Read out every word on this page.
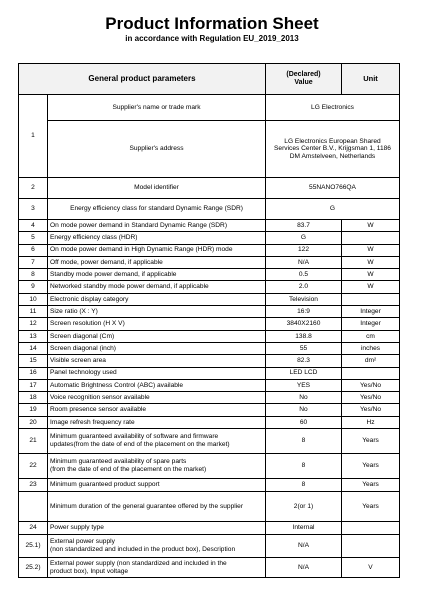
Product Information Sheet
in accordance with Regulation EU_2019_2013
General product parameters		(Declared)
Value	Unit
1	Supplier's name or trade mark	LG Electronics	
	Supplier's address	LG Electronics European Shared
Services Center B.V., Krijgsman 1, 1186
DM Amstelveen, Netherlands	

2	Model identifier	55NANO766QA	
3	Energy efficiency class for standard Dynamic Range (SDR)	G	
4	On mode power demand in Standard Dynamic Range (SDR)	83.7	W
5	Energy efficiency class (HDR)	G	
6	On mode power demand in High Dynamic Range (HDR) mode	122	W
7	Off mode, power demand, if applicable	N/A	W
8	Standby mode power demand, if applicable	0.5	W
9	Networked standby mode power demand, if applicable	2.0	W
10	Electronic display category	Television	
11	Size ratio (X : Y)	16:9	Integer
12	Screen resolution (H X V)	3840X2160	Integer
13	Screen diagonal (Cm)	138.8	cm
14	Screen diagonal (inch)	55	inches
15	Visible screen area	82.3	dm²
16	Panel technology used	LED LCD	
17	Automatic Brightness Control (ABC) available	YES	Yes/No
18	Voice recognition sensor available	No	Yes/No
19	Room presence sensor available	No	Yes/No
20	Image refresh frequency rate	60	Hz
21	Minimum guaranteed availability of software and firmware
updates(from the date of end of the placement on the market)	8	Years
22	Minimum guaranteed availability of spare parts
(from the date of end of the placement on the market)	8	Years
23	Minimum guaranteed product support	8	Years
	Minimum duration of the general guarantee offered by the supplier	2(or 1)	Years
24	Power supply type	Internal	
25.1)	External power supply
(non standardized and included in the product box), Description	N/A	
25.2)	External power supply (non standardized and included in the
product box), Input voltage	N/A	V
